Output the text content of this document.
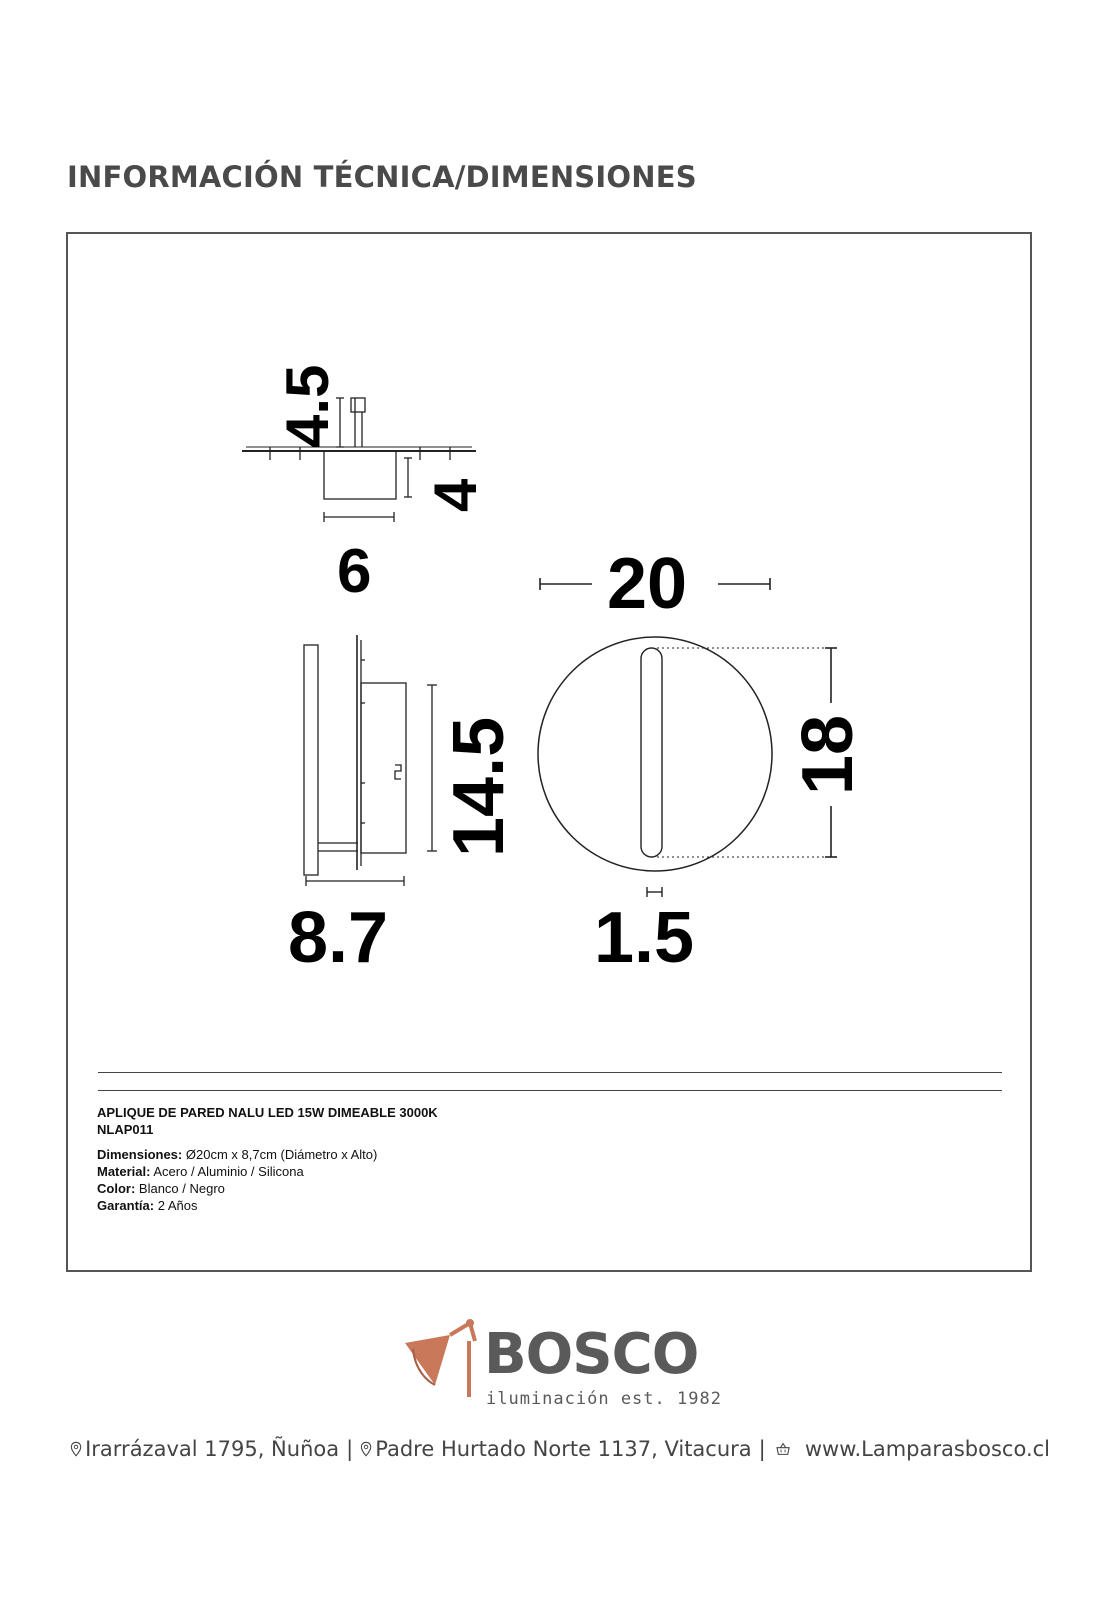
INFORMACIÓN TÉCNICA/DIMENSIONES
4.5
4
6
14.5
8.7
20
18
1.5
APLIQUE DE PARED NALU LED 15W DIMEABLE 3000K
NLAP011
Dimensiones: Ø20cm x 8,7cm (Diámetro x Alto)
Material: Acero / Aluminio / Silicona
Color: Blanco / Negro
Garantía: 2 Años
BOSCO
iluminación est. 1982
Irarrázaval 1795, Ñuñoa | Padre Hurtado Norte 1137, Vitacura | www.Lamparasbosco.cl
